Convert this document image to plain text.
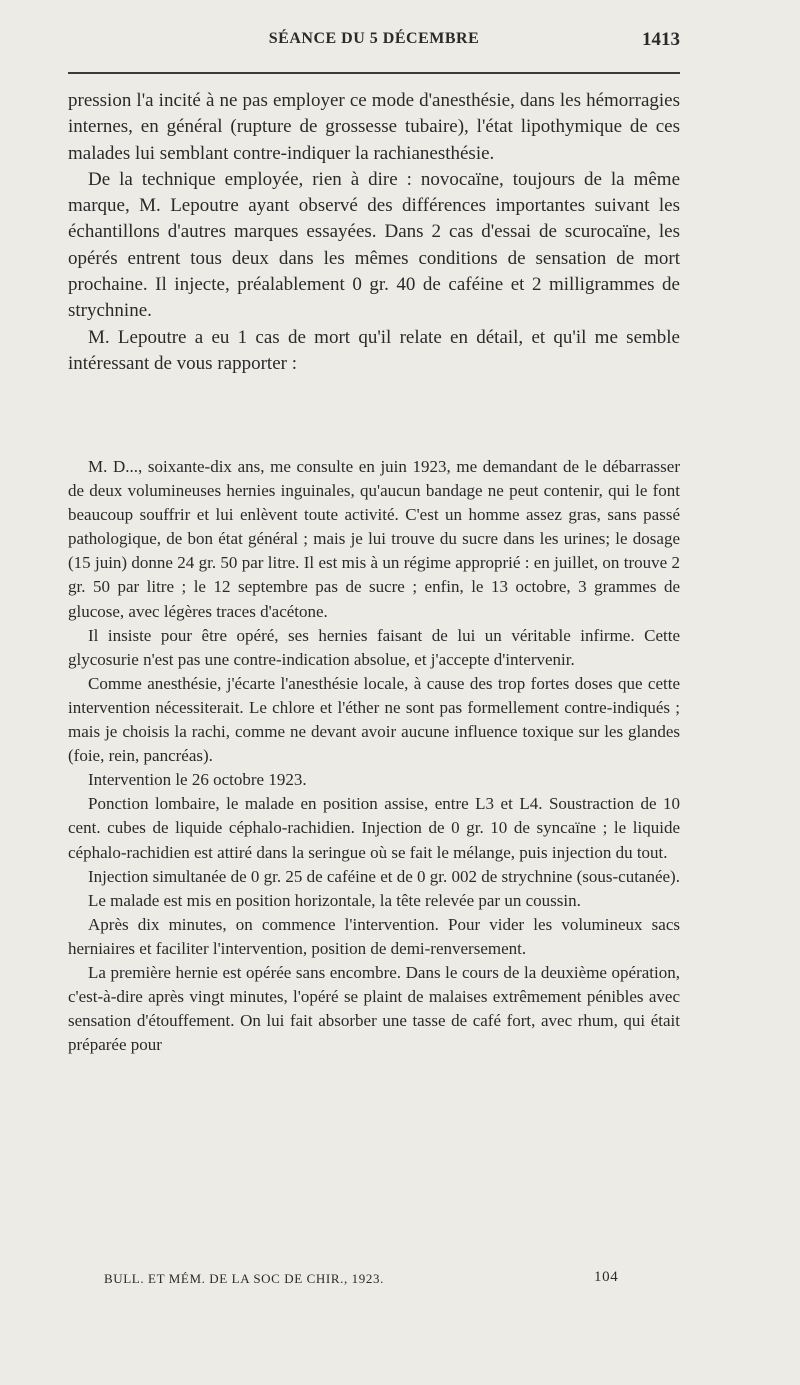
SÉANCE DU 5 DÉCEMBRE	1413

pression l'a incité à ne pas employer ce mode d'anesthésie, dans les hémorragies internes, en général (rupture de grossesse tubaire), l'état lipothymique de ces malades lui semblant contre-indiquer la rachianesthésie.

De la technique employée, rien à dire : novocaïne, toujours de la même marque, M. Lepoutre ayant observé des différences importantes suivant les échantillons d'autres marques essayées. Dans 2 cas d'essai de scurocaïne, les opérés entrent tous deux dans les mêmes conditions de sensation de mort prochaine. Il injecte, préalablement 0 gr. 40 de caféine et 2 milligrammes de strychnine.

M. Lepoutre a eu 1 cas de mort qu'il relate en détail, et qu'il me semble intéressant de vous rapporter :

M. D..., soixante-dix ans, me consulte en juin 1923, me demandant de le débarrasser de deux volumineuses hernies inguinales, qu'aucun bandage ne peut contenir, qui le font beaucoup souffrir et lui enlèvent toute activité. C'est un homme assez gras, sans passé pathologique, de bon état général ; mais je lui trouve du sucre dans les urines; le dosage (15 juin) donne 24 gr. 50 par litre. Il est mis à un régime approprié : en juillet, on trouve 2 gr. 50 par litre ; le 12 septembre pas de sucre ; enfin, le 13 octobre, 3 grammes de glucose, avec légères traces d'acétone.

Il insiste pour être opéré, ses hernies faisant de lui un véritable infirme. Cette glycosurie n'est pas une contre-indication absolue, et j'accepte d'intervenir.

Comme anesthésie, j'écarte l'anesthésie locale, à cause des trop fortes doses que cette intervention nécessiterait. Le chlore et l'éther ne sont pas formellement contre-indiqués ; mais je choisis la rachi, comme ne devant avoir aucune influence toxique sur les glandes (foie, rein, pancréas).

Intervention le 26 octobre 1923.

Ponction lombaire, le malade en position assise, entre L3 et L4. Soustraction de 10 cent. cubes de liquide céphalo-rachidien. Injection de 0 gr. 10 de syncaïne ; le liquide céphalo-rachidien est attiré dans la seringue où se fait le mélange, puis injection du tout.

Injection simultanée de 0 gr. 25 de caféine et de 0 gr. 002 de strychnine (sous-cutanée).

Le malade est mis en position horizontale, la tête relevée par un coussin.

Après dix minutes, on commence l'intervention. Pour vider les volumineux sacs herniaires et faciliter l'intervention, position de demi-renversement.

La première hernie est opérée sans encombre. Dans le cours de la deuxième opération, c'est-à-dire après vingt minutes, l'opéré se plaint de malaises extrêmement pénibles avec sensation d'étouffement. On lui fait absorber une tasse de café fort, avec rhum, qui était préparée pour

BULL. ET MÉM. DE LA SOC DE CHIR., 1923.	104
